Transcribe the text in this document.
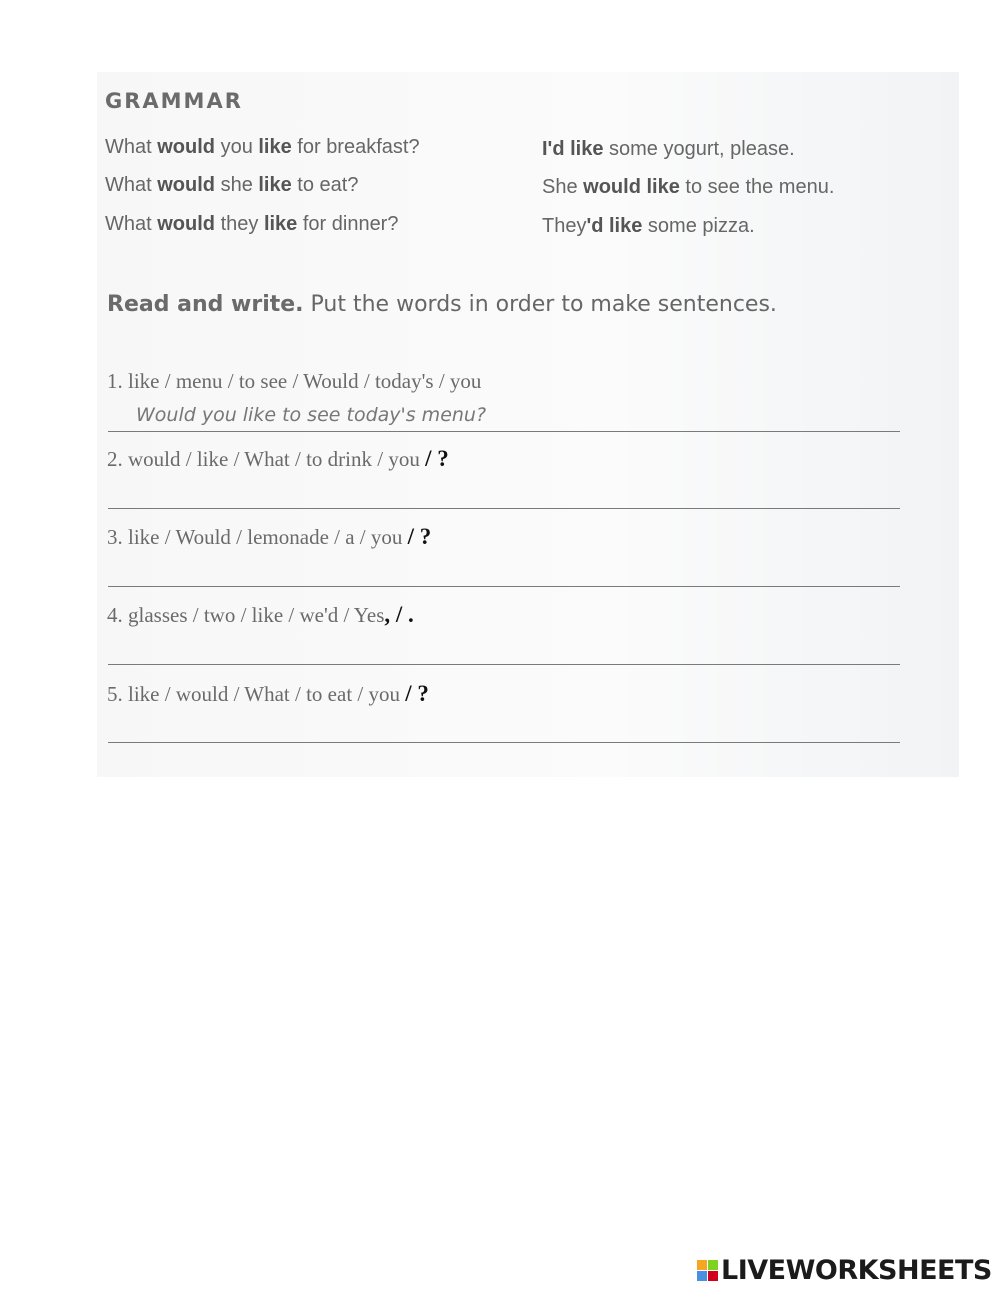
GRAMMAR

What would you like for breakfast?

What would she like to eat?

What would they like for dinner?

I'd like some yogurt, please.

She would like to see the menu.

They'd like some pizza.

Read and write. Put the words in order to make sentences.

1. like / menu / to see / Would / today's / you

Would you like to see today's menu?

2. would / like / What / to drink / you / ?

3. like / Would / lemonade / a / you / ?

4. glasses / two / like / we'd / Yes, / .

5. like / would / What / to eat / you / ?

LIVEWORKSHEETS
